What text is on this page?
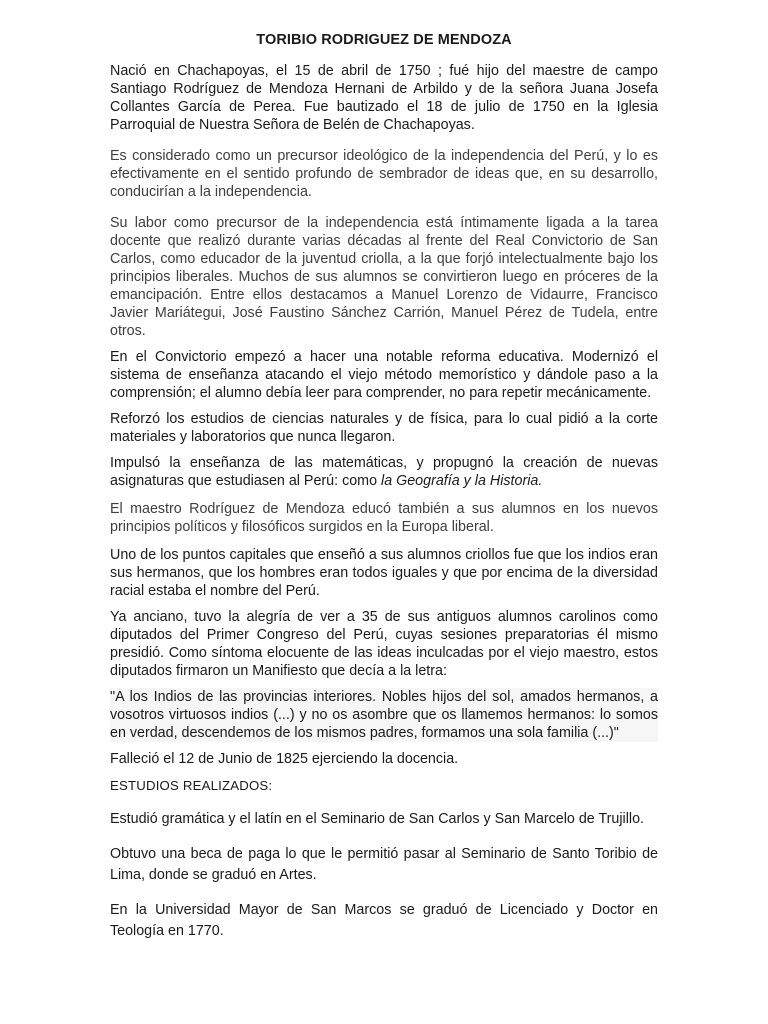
TORIBIO RODRIGUEZ DE MENDOZA

Nació en Chachapoyas, el 15 de abril de 1750 ; fué hijo del maestre de campo Santiago Rodríguez de Mendoza Hernani de Arbildo y de la señora Juana Josefa Collantes García de Perea. Fue bautizado el 18 de julio de 1750 en la Iglesia Parroquial de Nuestra Señora de Belén de Chachapoyas.

Es considerado como un precursor ideológico de la independencia del Perú, y lo es efectivamente en el sentido profundo de sembrador de ideas que, en su desarrollo, conducirían a la independencia.

Su labor como precursor de la independencia está íntimamente ligada a la tarea docente que realizó durante varias décadas al frente del Real Convictorio de San Carlos, como educador de la juventud criolla, a la que forjó intelectualmente bajo los principios liberales. Muchos de sus alumnos se convirtieron luego en próceres de la emancipación. Entre ellos destacamos a Manuel Lorenzo de Vidaurre, Francisco Javier Mariátegui, José Faustino Sánchez Carrión, Manuel Pérez de Tudela, entre otros.

En el Convictorio empezó a hacer una notable reforma educativa. Modernizó el sistema de enseñanza atacando el viejo método memorístico y dándole paso a la comprensión; el alumno debía leer para comprender, no para repetir mecánicamente.

Reforzó los estudios de ciencias naturales y de física, para lo cual pidió a la corte materiales y laboratorios que nunca llegaron.

Impulsó la enseñanza de las matemáticas, y propugnó la creación de nuevas asignaturas que estudiasen al Perú: como la Geografía y la Historia.

El maestro Rodríguez de Mendoza educó también a sus alumnos en los nuevos principios políticos y filosóficos surgidos en la Europa liberal.

Uno de los puntos capitales que enseñó a sus alumnos criollos fue que los indios eran sus hermanos, que los hombres eran todos iguales y que por encima de la diversidad racial estaba el nombre del Perú.

Ya anciano, tuvo la alegría de ver a 35 de sus antiguos alumnos carolinos como diputados del Primer Congreso del Perú, cuyas sesiones preparatorias él mismo presidió. Como síntoma elocuente de las ideas inculcadas por el viejo maestro, estos diputados firmaron un Manifiesto que decía a la letra:

"A los Indios de las provincias interiores. Nobles hijos del sol, amados hermanos, a vosotros virtuosos indios (...) y no os asombre que os llamemos hermanos: lo somos en verdad, descendemos de los mismos padres, formamos una sola familia (...)"

Falleció el 12 de Junio de 1825 ejerciendo la docencia.

ESTUDIOS REALIZADOS:

Estudió gramática y el latín en el Seminario de San Carlos y San Marcelo de Trujillo.

Obtuvo una beca de paga lo que le permitió pasar al Seminario de Santo Toribio de Lima, donde se graduó en Artes.

En la Universidad Mayor de San Marcos se graduó de Licenciado y Doctor en Teología en 1770.
